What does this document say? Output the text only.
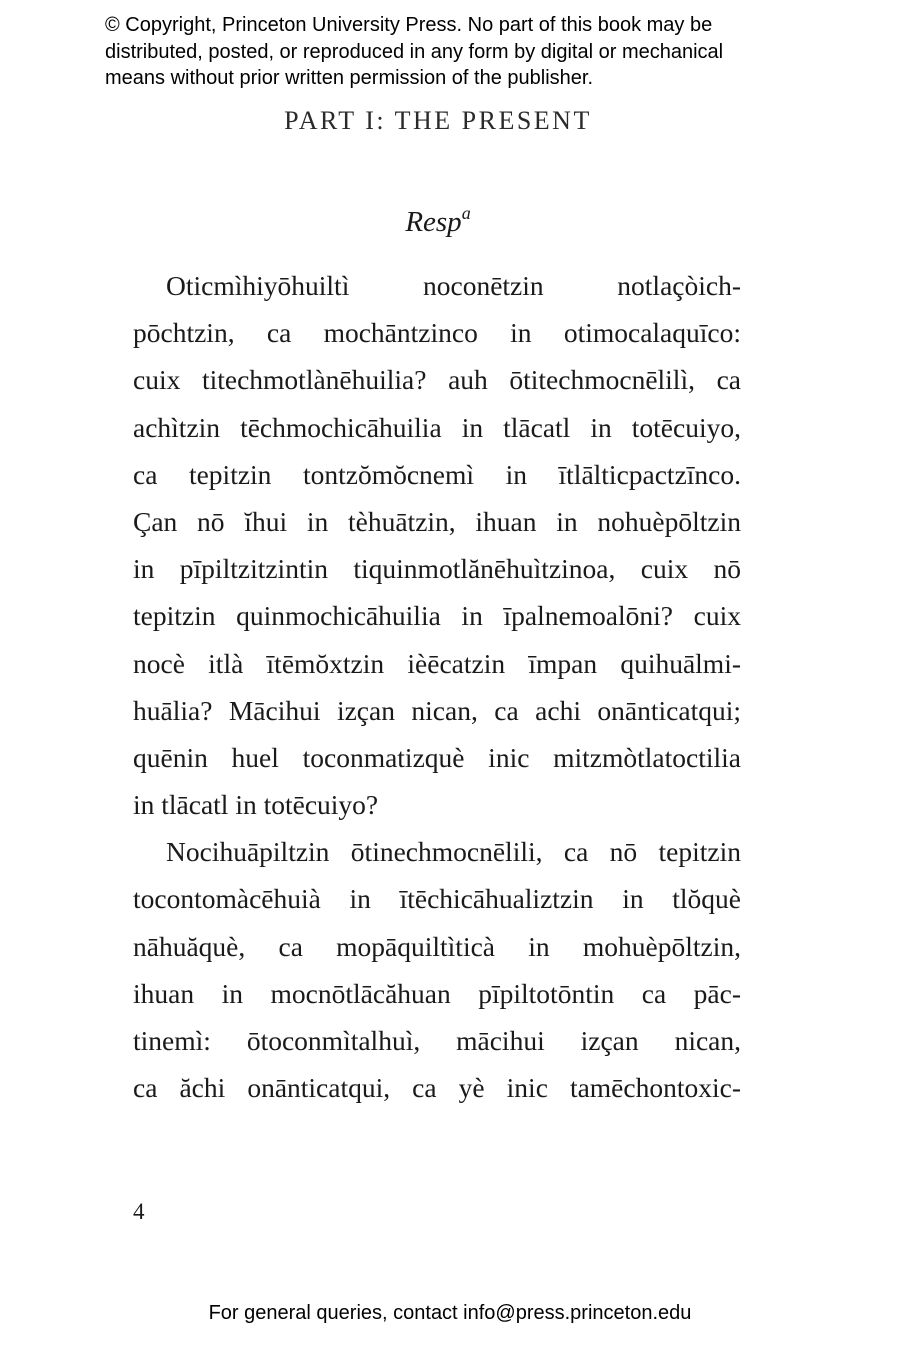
© Copyright, Princeton University Press. No part of this book may be
distributed, posted, or reproduced in any form by digital or mechanical
means without prior written permission of the publisher.
PART I: THE PRESENT
Resp$^a$
Oticmìhiyōhuiltì noconētzin notlaçòich-
pōchtzin, ca mochāntzinco in otimocalaquīco:
cuix titechmotlànēhuilia? auh ōtitechmocnēlilì, ca
achìtzin tēchmochicāhuilia in tlācatl in totēcuiyo,
ca tepitzin tontzŏmŏcnemì in ītlālticpactzīnco.
Çan nō ĭhui in tèhuātzin, ihuan in nohuèpōltzin
in pīpiltzitzintin tiquinmotlănēhuìtzinoa, cuix nō
tepitzin quinmochicāhuilia in īpalnemoalōni? cuix
nocè itlà ītēmŏxtzin ièēcatzin īmpan quihuālmi-
huālia? Mācihui izçan nican, ca achi onānticatqui;
quēnin huel toconmatizquè inic mitzmòtlatoctilia
in tlācatl in totēcuiyo?
Nocihuāpiltzin ōtinechmocnēlili, ca nō tepitzin
tocontomàcēhuià in ītēchicāhualiztzin in tlŏquè
nāhuăquè, ca mopāquiltìticà in mohuèpōltzin,
ihuan in mocnōtlācăhuan pīpiltotōntin ca pāc-
tinemì: ōtoconmìtalhuì, mācihui izçan nican,
ca ăchi onānticatqui, ca yè inic tamēchontoxic-
4
For general queries, contact info@press.princeton.edu
